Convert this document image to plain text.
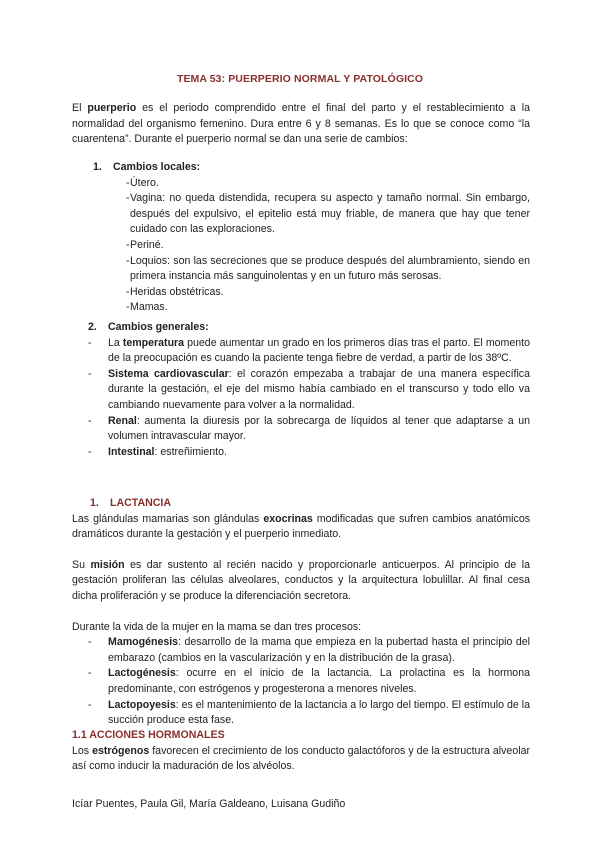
TEMA 53: PUERPERIO NORMAL Y PATOLÓGICO

El puerperio es el periodo comprendido entre el final del parto y el restablecimiento a la normalidad del organismo femenino. Dura entre 6 y 8 semanas. Es lo que se conoce como “la cuarentena”. Durante el puerperio normal se dan una serie de cambios:

1. Cambios locales:

- Útero.
- Vagina: no queda distendida, recupera su aspecto y tamaño normal. Sin embargo, después del expulsivo, el epitelio está muy friable, de manera que hay que tener cuidado con las exploraciones.
- Periné.
- Loquios: son las secreciones que se produce después del alumbramiento, siendo en primera instancia más sanguinolentas y en un futuro más serosas.
- Heridas obstétricas.
- Mamas.

2. Cambios generales:

- La temperatura puede aumentar un grado en los primeros días tras el parto. El momento de la preocupación es cuando la paciente tenga fiebre de verdad, a partir de los 38ºC.
- Sistema cardiovascular: el corazón empezaba a trabajar de una manera específica durante la gestación, el eje del mismo había cambiado en el transcurso y todo ello va cambiando nuevamente para volver a la normalidad.
- Renal: aumenta la diuresis por la sobrecarga de líquidos al tener que adaptarse a un volumen intravascular mayor.
- Intestinal: estreñimiento.

1. LACTANCIA

Las glándulas mamarias son glándulas exocrinas modificadas que sufren cambios anatómicos dramáticos durante la gestación y el puerperio inmediato.

Su misión es dar sustento al recién nacido y proporcionarle anticuerpos. Al principio de la gestación proliferan las células alveolares, conductos y la arquitectura lobulillar. Al final cesa dicha proliferación y se produce la diferenciación secretora.

Durante la vida de la mujer en la mama se dan tres procesos:

- Mamogénesis: desarrollo de la mama que empieza en la pubertad hasta el principio del embarazo (cambios en la vascularización y en la distribución de la grasa).
- Lactogénesis: ocurre en el inicio de la lactancia. La prolactina es la hormona predominante, con estrógenos y progesterona a menores niveles.
- Lactopoyesis: es el mantenimiento de la lactancia a lo largo del tiempo. El estímulo de la succión produce esta fase.

1.1 ACCIONES HORMONALES

Los estrógenos favorecen el crecimiento de los conducto galactóforos y de la estructura alveolar así como inducir la maduración de los alvéolos.

Icíar Puentes, Paula Gil, María Galdeano, Luisana Gudiño
